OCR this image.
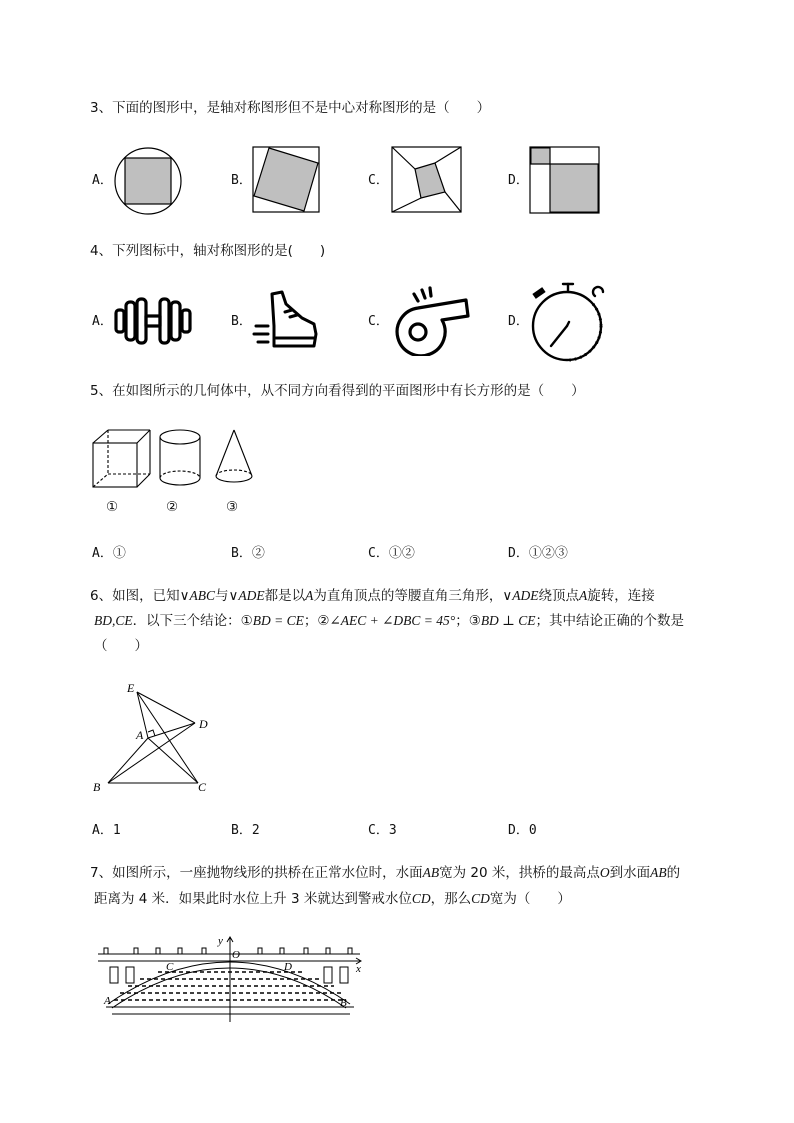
3、下面的图形中，是轴对称图形但不是中心对称图形的是（　　）
A．	B．	C．	D．
4、下列图标中，轴对称图形的是(　　)
A．	B．	C．	D．
5、在如图所示的几何体中，从不同方向看得到的平面图形中有长方形的是（　　）
①	②	③
A．①	B．②	C．①②	D．①②③
6、如图，已知∨ABC与∨ADE都是以A为直角顶点的等腰直角三角形，∨ADE绕顶点A旋转，连接
BD,CE．以下三个结论：①BD = CE；②∠AEC + ∠DBC = 45°；③BD ⊥ CE；其中结论正确的个数是
（　　）
E
D
A
B	C
A．1	B．2	C．3	D．0
7、如图所示，一座抛物线形的拱桥在正常水位时，水面AB宽为 20 米，拱桥的最高点O到水面AB的
距离为 4 米．如果此时水位上升 3 米就达到警戒水位CD，那么CD宽为（　　）
y
O
x
C	D
A	B
